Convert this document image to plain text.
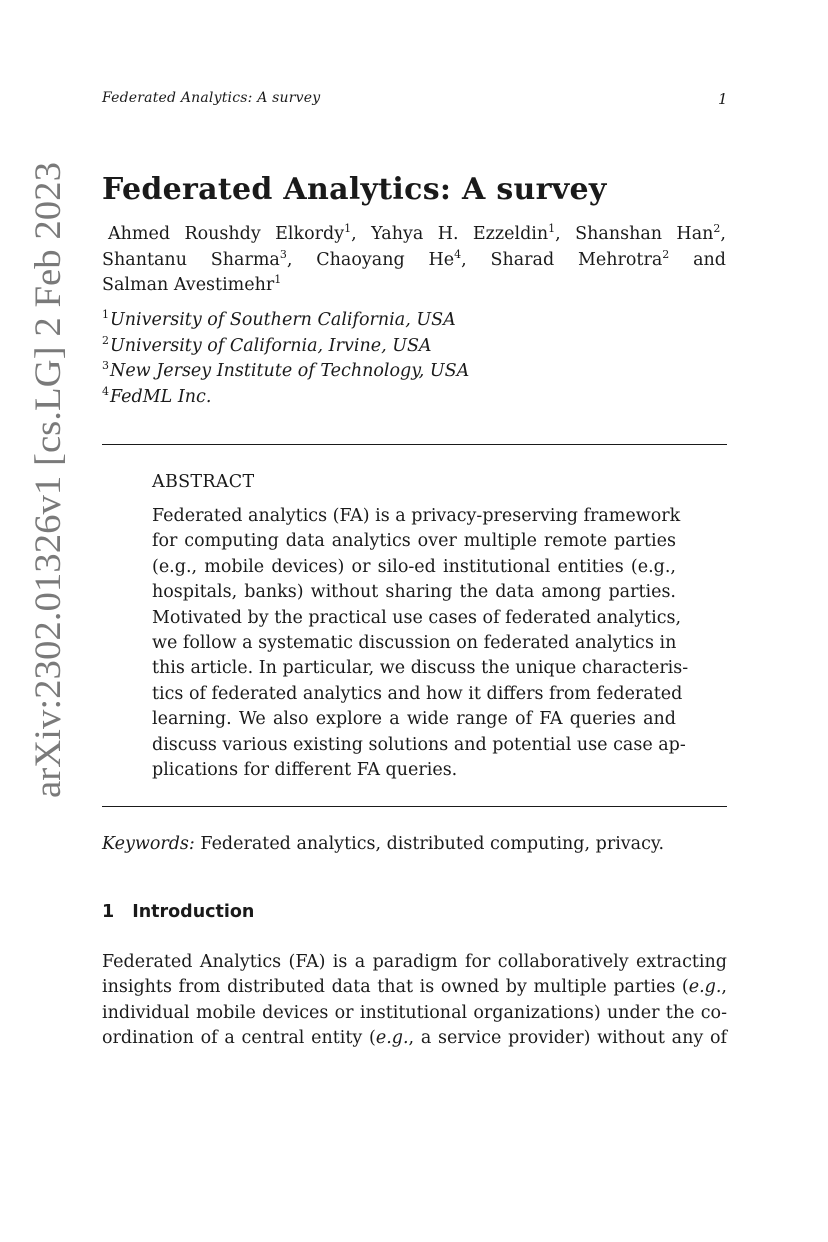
Federated Analytics: A survey	1
arXiv:2302.01326v1 [cs.LG] 2 Feb 2023
Federated Analytics: A survey
Ahmed Roushdy Elkordy$^1$, Yahya H. Ezzeldin$^1$, Shanshan Han$^2$, Shantanu Sharma$^3$, Chaoyang He$^4$, Sharad Mehrotra$^2$ and Salman Avestimehr$^1$
$^1$University of Southern California, USA
$^2$University of California, Irvine, USA
$^3$New Jersey Institute of Technology, USA
$^4$FedML Inc.
ABSTRACT
Federated analytics (FA) is a privacy-preserving framework
for computing data analytics over multiple remote parties
(e.g., mobile devices) or silo-ed institutional entities (e.g.,
hospitals, banks) without sharing the data among parties.
Motivated by the practical use cases of federated analytics,
we follow a systematic discussion on federated analytics in
this article. In particular, we discuss the unique characteris-
tics of federated analytics and how it differs from federated
learning. We also explore a wide range of FA queries and
discuss various existing solutions and potential use case ap-
plications for different FA queries.
Keywords: Federated analytics, distributed computing, privacy.
1 Introduction
Federated Analytics (FA) is a paradigm for collaboratively extracting
insights from distributed data that is owned by multiple parties (e.g.,
individual mobile devices or institutional organizations) under the co-
ordination of a central entity (e.g., a service provider) without any of
